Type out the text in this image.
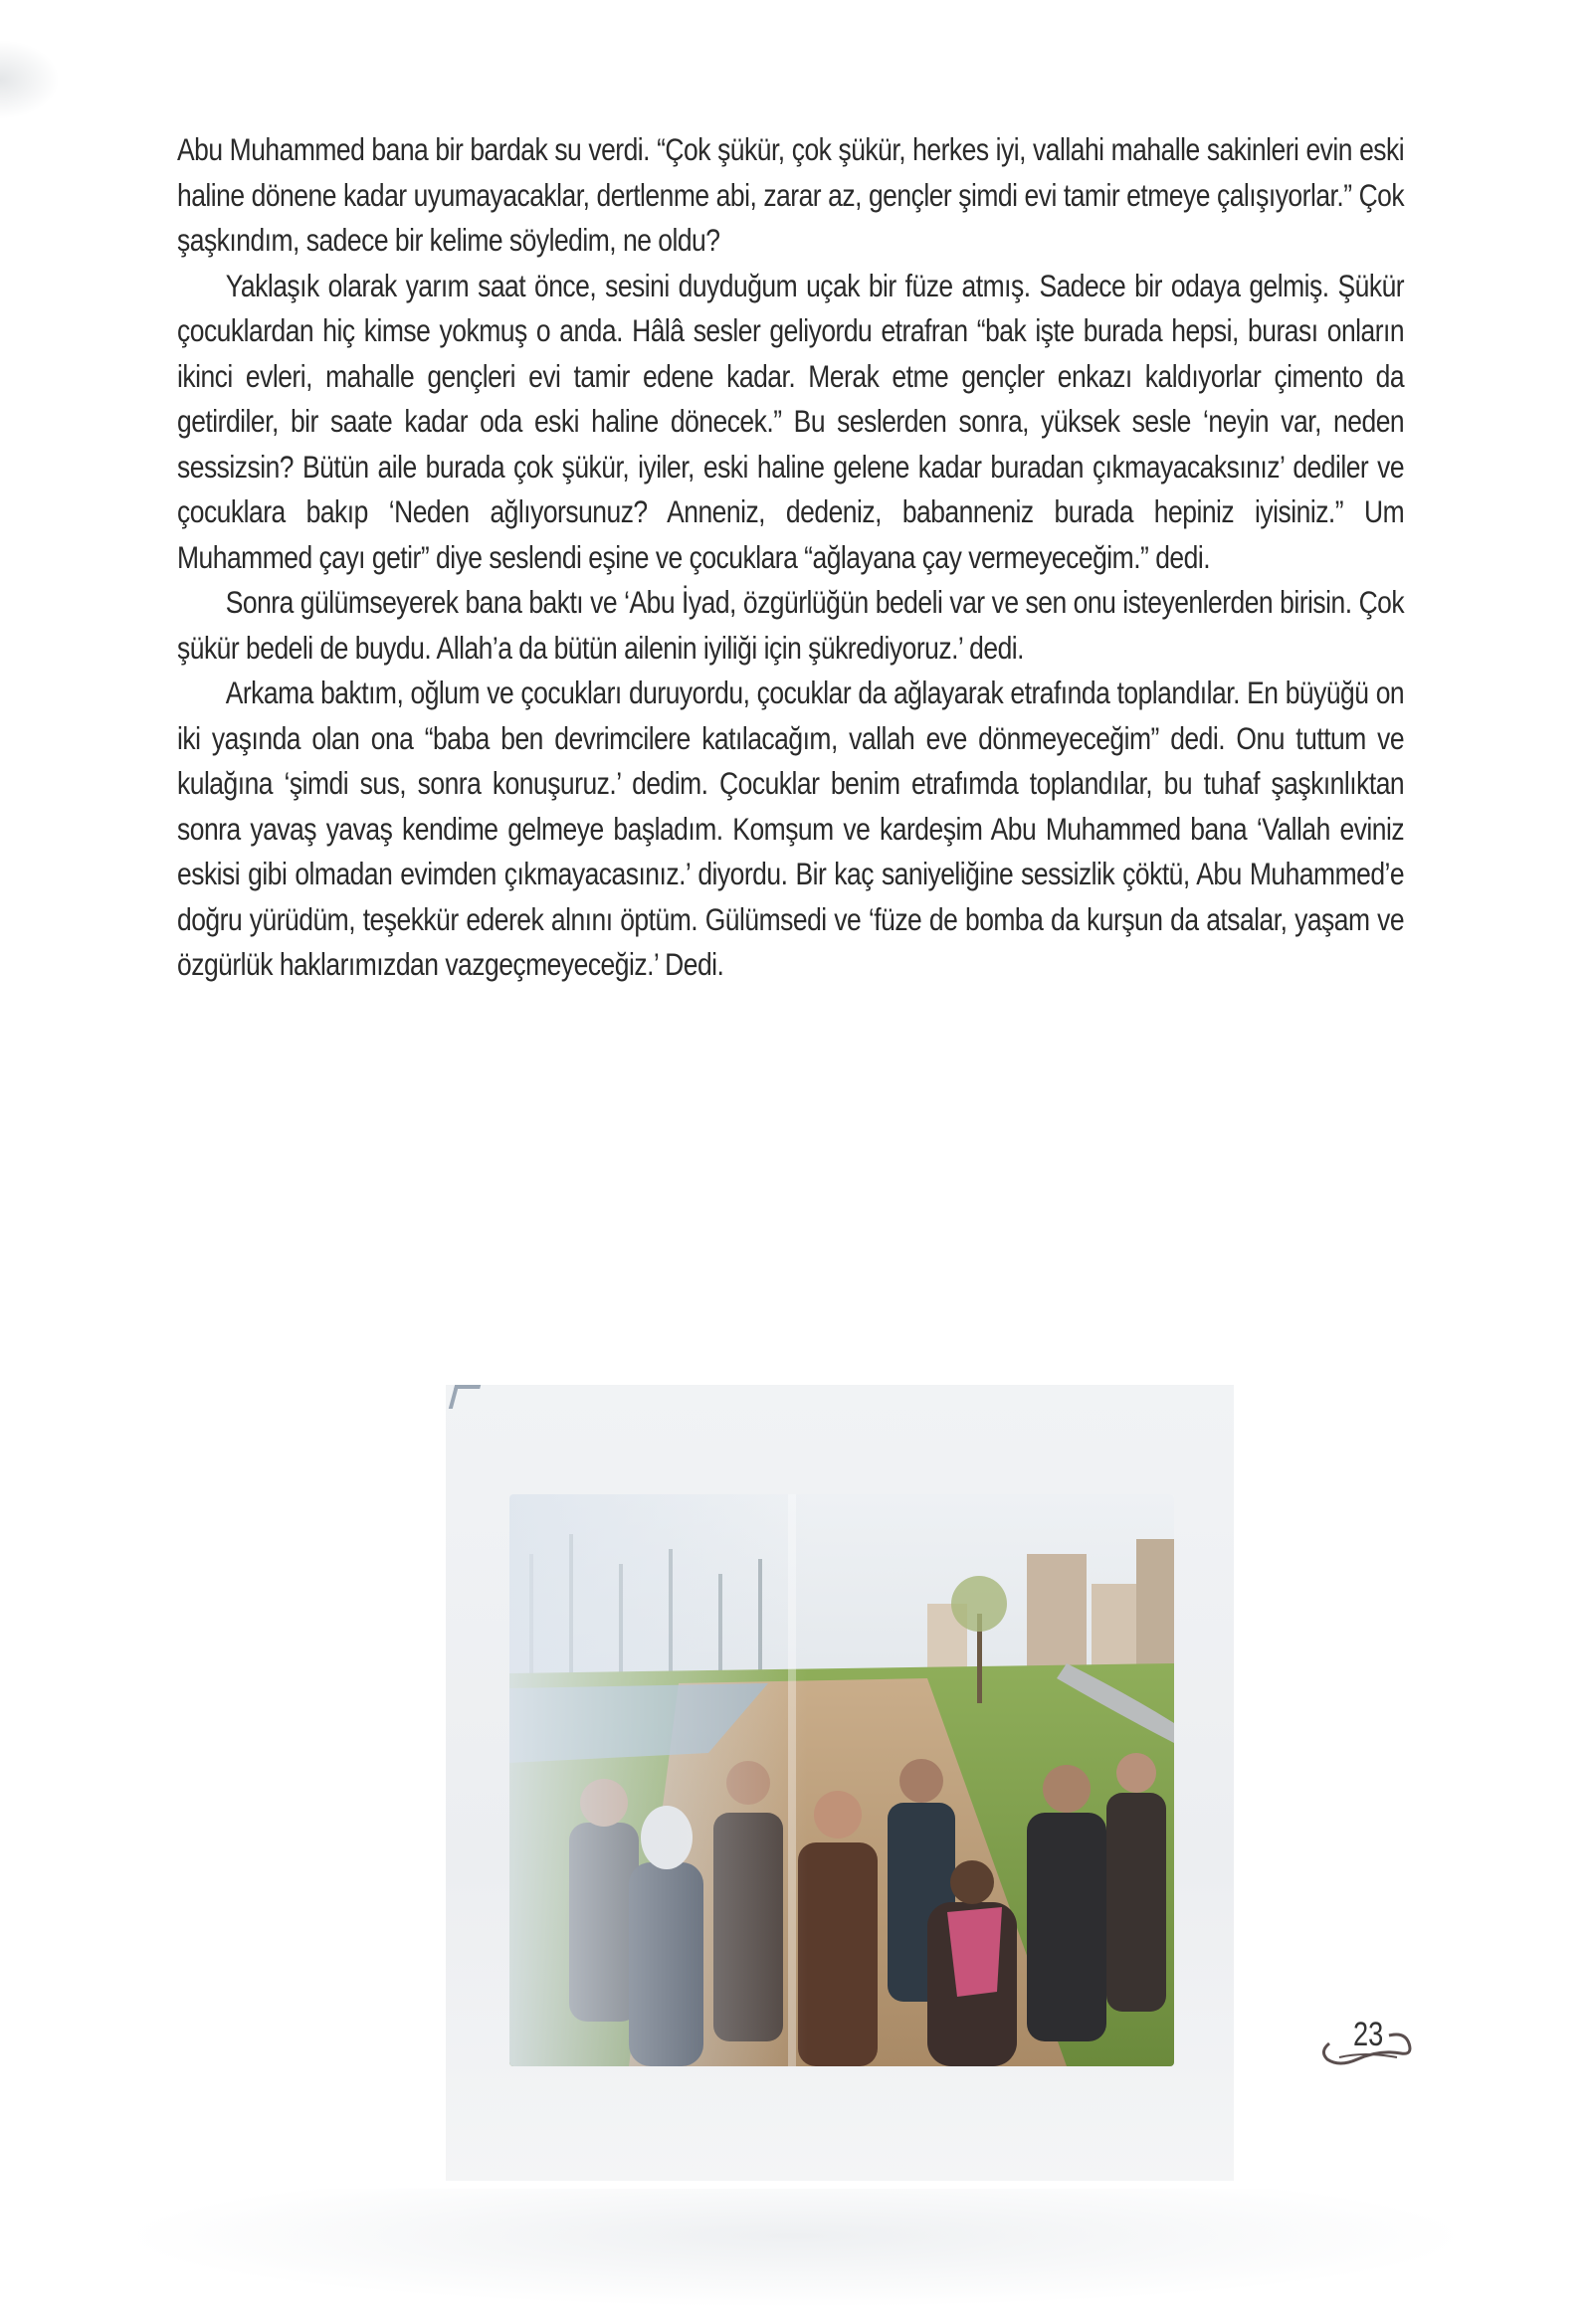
Abu Muhammed bana bir bardak su verdi. “Çok şükür, çok şükür, herkes iyi, vallahi mahalle sakinleri evin eski haline dönene kadar uyumayacaklar, dertlenme abi, zarar az, gençler şimdi evi tamir etmeye çalışıyorlar.” Çok şaşkındım, sadece bir kelime söyledim, ne oldu?

Yaklaşık olarak yarım saat önce, sesini duyduğum uçak bir füze atmış. Sadece bir odaya gelmiş. Şükür çocuklardan hiç kimse yokmuş o anda. Hâlâ sesler geliyordu etrafran “bak işte burada hepsi, burası onların ikinci evleri, mahalle gençleri evi tamir edene kadar. Merak etme gençler enkazı kaldıyorlar çimento da getirdiler, bir saate kadar oda eski haline dönecek.” Bu seslerden sonra, yüksek sesle ‘neyin var, neden sessizsin? Bütün aile burada çok şükür, iyiler, eski haline gelene kadar buradan çıkmayacaksınız’ dediler ve çocuklara bakıp ‘Neden ağlıyorsunuz? Anneniz, dedeniz, babanneniz burada hepiniz iyisiniz.” Um Muhammed çayı getir” diye seslendi eşine ve çocuklara “ağlayana çay vermeyeceğim.” dedi.

Sonra gülümseyerek bana baktı ve ‘Abu İyad, özgürlüğün bedeli var ve sen onu isteyenlerden birisin. Çok şükür bedeli de buydu. Allah’a da bütün ailenin iyiliği için şükrediyoruz.’ dedi.

Arkama baktım, oğlum ve çocukları duruyordu, çocuklar da ağlayarak etrafında toplandılar. En büyüğü on iki yaşında olan ona “baba ben devrimcilere katılacağım, vallah eve dönmeyeceğim” dedi. Onu tuttum ve kulağına ‘şimdi sus, sonra konuşuruz.’ dedim. Çocuklar benim etrafımda toplandılar, bu tuhaf şaşkınlıktan sonra yavaş yavaş kendime gelmeye başladım. Komşum ve kardeşim Abu Muhammed bana ‘Vallah eviniz eskisi gibi olmadan evimden çıkmayacasınız.’ diyordu. Bir kaç saniyeliğine sessizlik çöktü, Abu Muhammed’e doğru yürüdüm, teşekkür ederek alnını öptüm. Gülümsedi ve ‘füze de bomba da kurşun da atsalar, yaşam ve özgürlük haklarımızdan vazgeçmeyeceğiz.’ Dedi.

23
